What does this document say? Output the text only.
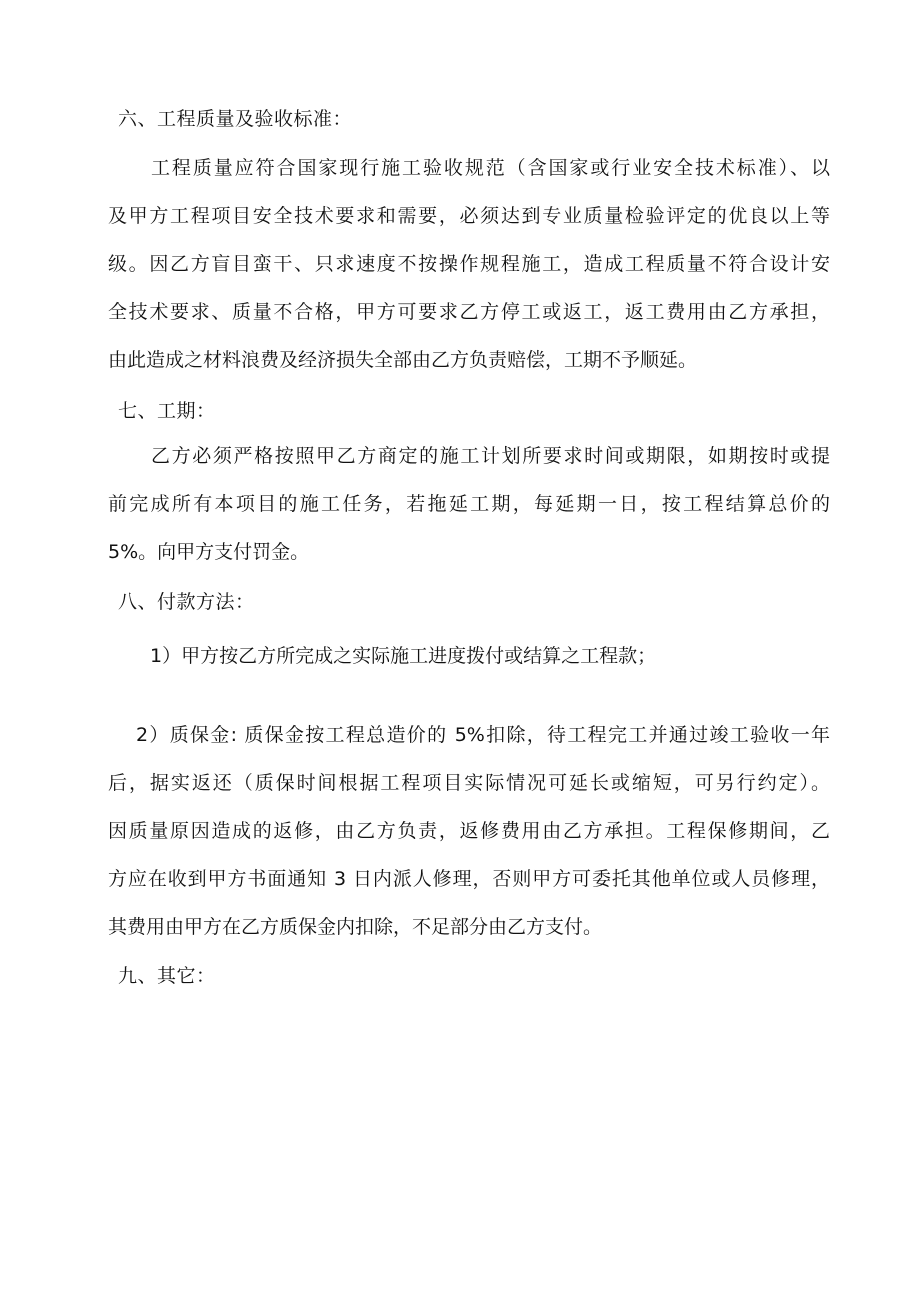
六、工程质量及验收标准：

工程质量应符合国家现行施工验收规范（含国家或行业安全技术标准）、以
及甲方工程项目安全技术要求和需要，必须达到专业质量检验评定的优良以上等
级。因乙方盲目蛮干、只求速度不按操作规程施工，造成工程质量不符合设计安
全技术要求、质量不合格，甲方可要求乙方停工或返工，返工费用由乙方承担，
由此造成之材料浪费及经济损失全部由乙方负责赔偿，工期不予顺延。

七、工期：

乙方必须严格按照甲乙方商定的施工计划所要求时间或期限，如期按时或提
前完成所有本项目的施工任务，若拖延工期，每延期一日，按工程结算总价的
5%。向甲方支付罚金。

八、付款方法：

1）甲方按乙方所完成之实际施工进度拨付或结算之工程款；

2）质保金: 质保金按工程总造价的 5%扣除，待工程完工并通过竣工验收一年
后，据实返还（质保时间根据工程项目实际情况可延长或缩短，可另行约定）。
因质量原因造成的返修，由乙方负责，返修费用由乙方承担。工程保修期间，乙
方应在收到甲方书面通知 3 日内派人修理，否则甲方可委托其他单位或人员修理，
其费用由甲方在乙方质保金内扣除，不足部分由乙方支付。

九、其它：
